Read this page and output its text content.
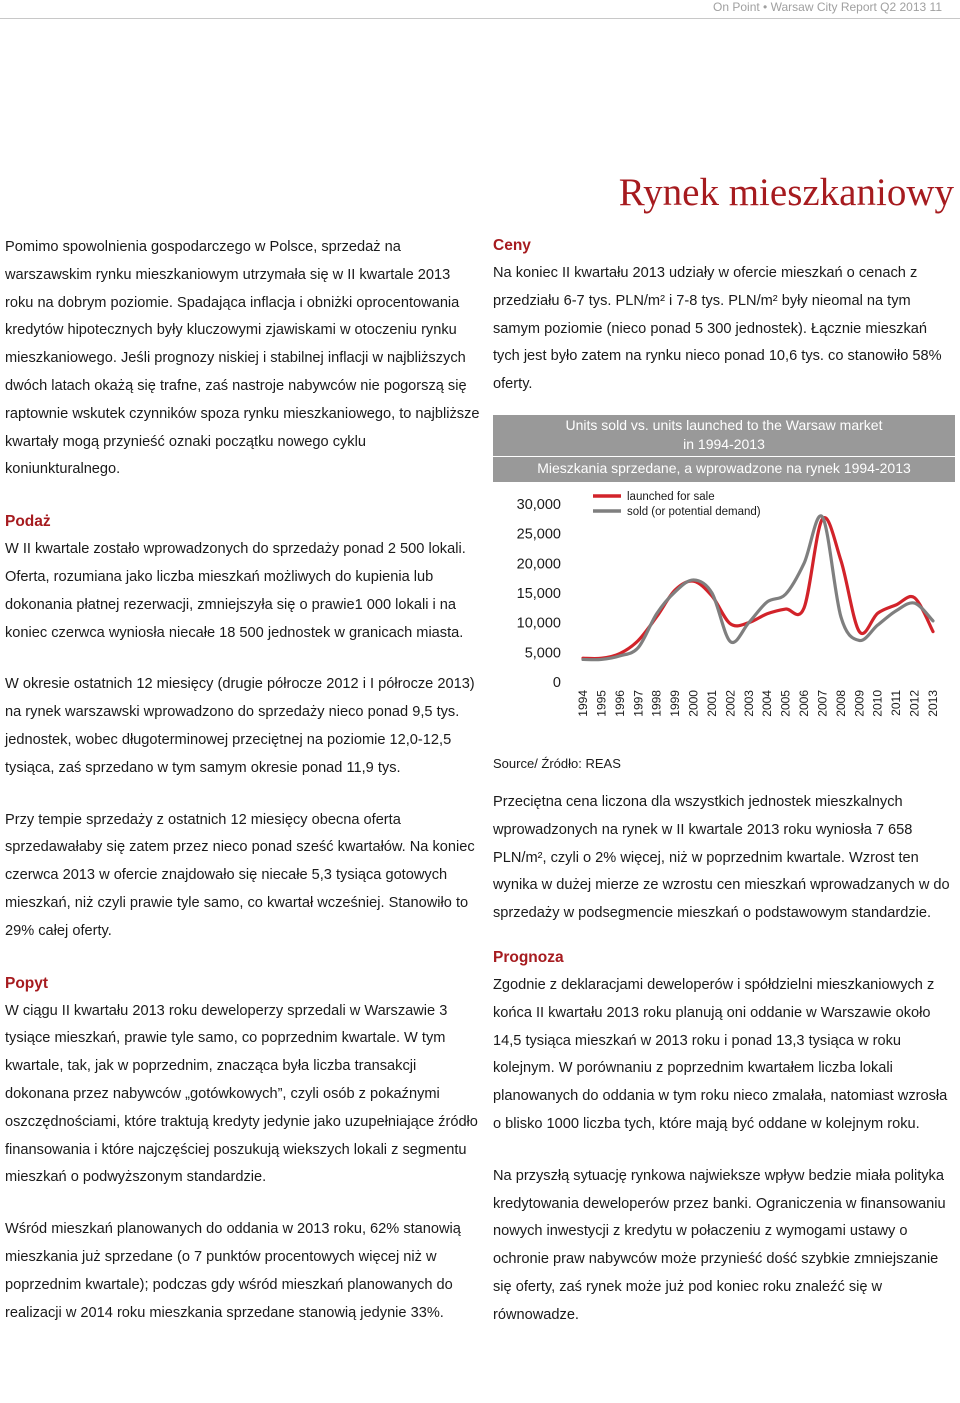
On Point • Warsaw City Report Q2 2013 11
Rynek mieszkaniowy

Pomimo spowolnienia gospodarczego w Polsce, sprzedaż na warszawskim rynku mieszkaniowym utrzymała się w II kwartale 2013 roku na dobrym poziomie. Spadająca inflacja i obniżki oprocentowania kredytów hipotecznych były kluczowymi zjawiskami w otoczeniu rynku mieszkaniowego. Jeśli prognozy niskiej i stabilnej inflacji w najbliższych dwóch latach okażą się trafne, zaś nastroje nabywców nie pogorszą się raptownie wskutek czynników spoza rynku mieszkaniowego, to najbliższe kwartały mogą przynieść oznaki początku nowego cyklu koniunkturalnego.

Podaż

W II kwartale zostało wprowadzonych do sprzedaży ponad 2 500 lokali. Oferta, rozumiana jako liczba mieszkań możliwych do kupienia lub dokonania płatnej rezerwacji, zmniejszyła się o prawie1 000 lokali i na koniec czerwca wyniosła niecałe 18 500 jednostek w granicach miasta.

W okresie ostatnich 12 miesięcy (drugie półrocze 2012 i I półrocze 2013) na rynek warszawski wprowadzono do sprzedaży nieco ponad 9,5 tys. jednostek, wobec długoterminowej przeciętnej na poziomie 12,0-12,5 tysiąca, zaś sprzedano w tym samym okresie ponad 11,9 tys.

Przy tempie sprzedaży z ostatnich 12 miesięcy obecna oferta sprzedawałaby się zatem przez nieco ponad sześć kwartałów. Na koniec czerwca 2013 w ofercie znajdowało się niecałe 5,3 tysiąca gotowych mieszkań, niż czyli prawie tyle samo, co kwartał wcześniej. Stanowiło to 29% całej oferty.

Popyt

W ciągu II kwartału 2013 roku deweloperzy sprzedali w Warszawie 3 tysiące mieszkań, prawie tyle samo, co poprzednim kwartale. W tym kwartale, tak, jak w poprzednim, znacząca była liczba transakcji dokonana przez nabywców „gotówkowych”, czyli osób z pokaźnymi oszczędnościami, które traktują kredyty jedynie jako uzupełniające źródło finansowania i które najczęściej poszukują wiekszych lokali z segmentu mieszkań o podwyższonym standardzie.

Wśród mieszkań planowanych do oddania w 2013 roku, 62% stanowią mieszkania już sprzedane (o 7 punktów procentowych więcej niż w poprzednim kwartale); podczas gdy wśród mieszkań planowanych do realizacji w 2014 roku mieszkania sprzedane stanowią jedynie 33%.

Ceny

Na koniec II kwartału 2013 udziały w ofercie mieszkań o cenach z przedziału 6-7 tys. PLN/m² i 7-8 tys. PLN/m² były nieomal na tym samym poziomie (nieco ponad 5 300 jednostek). Łącznie mieszkań tych jest było zatem na rynku nieco ponad 10,6 tys. co stanowiło 58% oferty.

Units sold vs. units launched to the Warsaw market
in 1994-2013
Mieszkania sprzedane, a wprowadzone na rynek 1994-2013
0
5,000
10,000
15,000
20,000
25,000
30,000
1994 1995 1996 1997 1998 1999 2000 2001 2002 2003 2004 2005 2006 2007 2008 2009 2010 2011 2012 2013
launched for sale
sold (or potential demand)
Source/ Źródło: REAS

Przeciętna cena liczona dla wszystkich jednostek mieszkalnych wprowadzonych na rynek w II kwartale 2013 roku wyniosła 7 658 PLN/m², czyli o 2% więcej, niż w poprzednim kwartale. Wzrost ten wynika w dużej mierze ze wzrostu cen mieszkań wprowadzanych w do sprzedaży w podsegmencie mieszkań o podstawowym standardzie.

Prognoza

Zgodnie z deklaracjami deweloperów i spółdzielni mieszkaniowych z końca II kwartału 2013 roku planują oni oddanie w Warszawie około 14,5 tysiąca mieszkań w 2013 roku i ponad 13,3 tysiąca w roku kolejnym. W porównaniu z poprzednim kwartałem liczba lokali planowanych do oddania w tym roku nieco zmalała, natomiast wzrosła o blisko 1000 liczba tych, które mają być oddane w kolejnym roku.

Na przyszłą sytuację rynkowa najwieksze wpływ bedzie miała polityka kredytowania deweloperów przez banki. Ograniczenia w finansowaniu nowych inwestycji z kredytu w połaczeniu z wymogami ustawy o ochronie praw nabywców może przynieść dość szybkie zmniejszanie się oferty, zaś rynek może już pod koniec roku znaleźć się w równowadze.
